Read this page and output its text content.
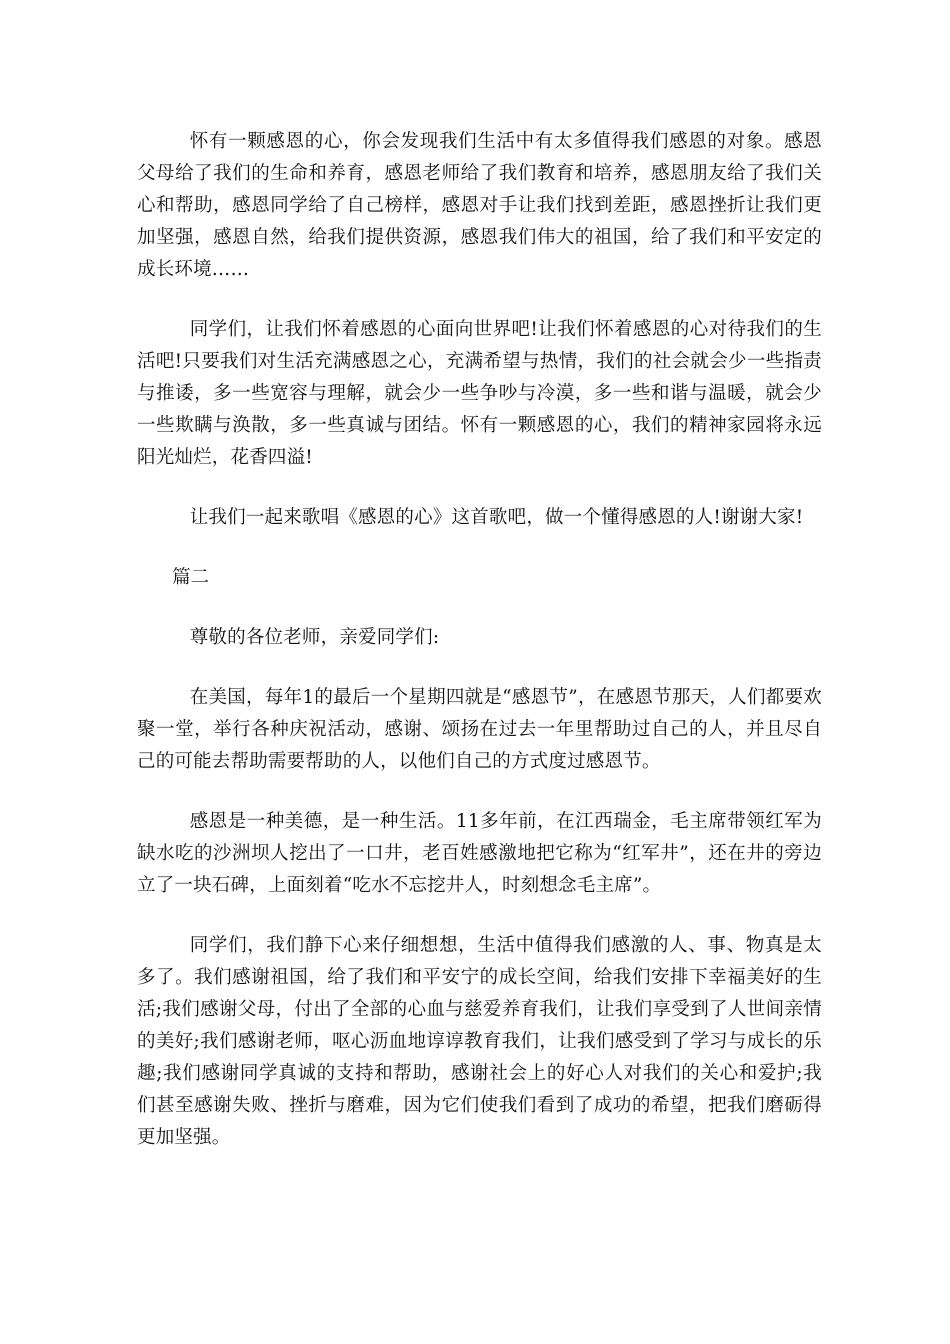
怀有一颗感恩的心，你会发现我们生活中有太多值得我们感恩的对象。感恩父母给了我们的生命和养育，感恩老师给了我们教育和培养，感恩朋友给了我们关心和帮助，感恩同学给了自己榜样，感恩对手让我们找到差距，感恩挫折让我们更加坚强，感恩自然，给我们提供资源，感恩我们伟大的祖国，给了我们和平安定的成长环境……

同学们，让我们怀着感恩的心面向世界吧!让我们怀着感恩的心对待我们的生活吧!只要我们对生活充满感恩之心，充满希望与热情，我们的社会就会少一些指责与推诿，多一些宽容与理解，就会少一些争吵与冷漠，多一些和谐与温暖，就会少一些欺瞒与涣散，多一些真诚与团结。怀有一颗感恩的心，我们的精神家园将永远阳光灿烂，花香四溢!

让我们一起来歌唱《感恩的心》这首歌吧，做一个懂得感恩的人!谢谢大家!

篇二

尊敬的各位老师，亲爱同学们:

在美国，每年1的最后一个星期四就是“感恩节”，在感恩节那天，人们都要欢聚一堂，举行各种庆祝活动，感谢、颂扬在过去一年里帮助过自己的人，并且尽自己的可能去帮助需要帮助的人，以他们自己的方式度过感恩节。

感恩是一种美德，是一种生活。11多年前，在江西瑞金，毛主席带领红军为缺水吃的沙洲坝人挖出了一口井，老百姓感激地把它称为“红军井”，还在井的旁边立了一块石碑，上面刻着“吃水不忘挖井人，时刻想念毛主席”。

同学们，我们静下心来仔细想想，生活中值得我们感激的人、事、物真是太多了。我们感谢祖国，给了我们和平安宁的成长空间，给我们安排下幸福美好的生活;我们感谢父母，付出了全部的心血与慈爱养育我们，让我们享受到了人世间亲情的美好;我们感谢老师，呕心沥血地谆谆教育我们，让我们感受到了学习与成长的乐趣;我们感谢同学真诚的支持和帮助，感谢社会上的好心人对我们的关心和爱护;我们甚至感谢失败、挫折与磨难，因为它们使我们看到了成功的希望，把我们磨砺得更加坚强。
